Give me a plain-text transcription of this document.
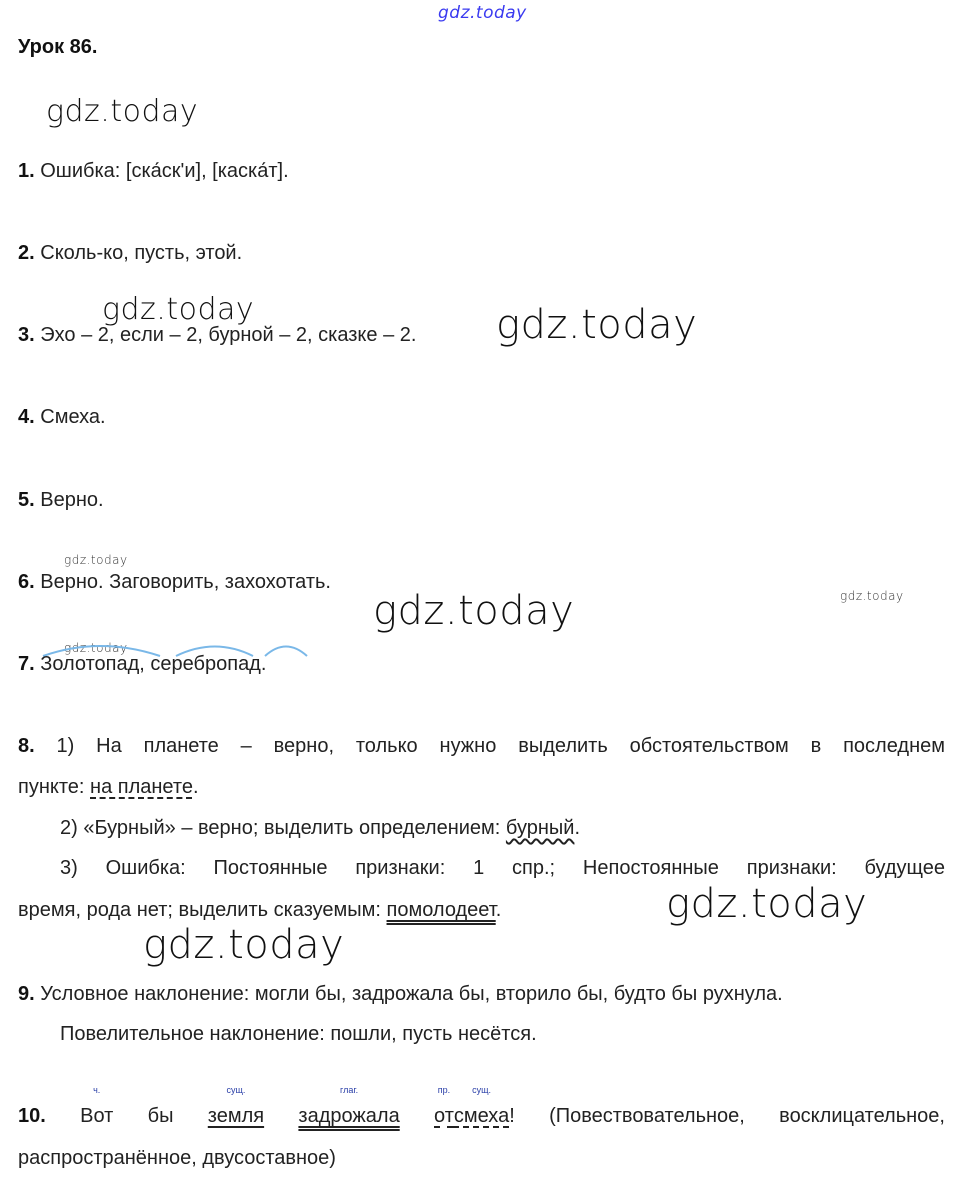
gdz.today
gdz.today
gdz.today	gdz.today
gdz.today
gdz.today	gdz.today
gdz.today
gdz.today
gdz.today
Урок 86.
1. Ошибка: [ска́ск'и], [каска́т].
2. Сколь-ко, пусть, этой.
3. Эхо – 2, если – 2, бурной – 2, сказке – 2.
4. Смеха.
5. Верно.
6. Верно. Заговорить, захохотать.
7. Золотопад, серебропад.
8. 1) На планете – верно, только нужно выделить обстоятельством в последнем
пункте: на планете.
2) «Бурный» – верно; выделить определением: бурный.
3) Ошибка: Постоянные признаки: 1 спр.; Непостоянные признаки: будущее
время, рода нет; выделить сказуемым: помолодеет.
9. Условное наклонение: могли бы, задрожала бы, вторило бы, будто бы рухнула.
Повелительное наклонение: пошли, пусть несётся.
10.
ч.
Вот бы
сущ.
земля
глаг.
задрожала
пр.
от
сущ.
смеха! (Повествовательное, восклицательное,
распространённое, двусоставное)
